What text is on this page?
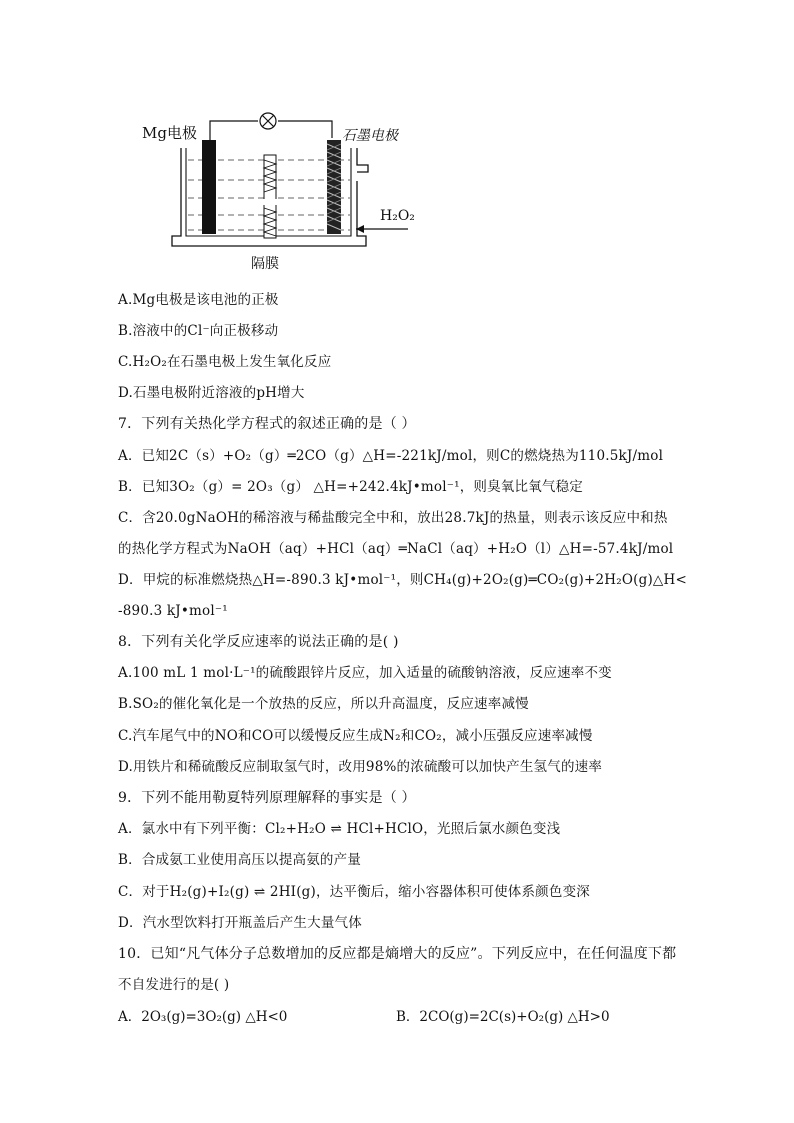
Mg电极	石墨电极
H₂O₂
隔膜
A.Mg电极是该电池的正极
B.溶液中的Cl⁻向正极移动
C.H₂O₂在石墨电极上发生氧化反应
D.石墨电极附近溶液的pH增大
7．下列有关热化学方程式的叙述正确的是（ ）
A．已知2C（s）+O₂（g）═2CO（g）△H=-221kJ/mol，则C的燃烧热为110.5kJ/mol
B．已知3O₂（g）= 2O₃（g） △H=+242.4kJ•mol⁻¹，则臭氧比氧气稳定
C．含20.0gNaOH的稀溶液与稀盐酸完全中和，放出28.7kJ的热量，则表示该反应中和热
的热化学方程式为NaOH（aq）+HCl（aq）═NaCl（aq）+H₂O（l）△H=-57.4kJ/mol
D．甲烷的标准燃烧热△H=-890.3 kJ•mol⁻¹，则CH₄(g)+2O₂(g)═CO₂(g)+2H₂O(g)△H<
-890.3 kJ•mol⁻¹
8．下列有关化学反应速率的说法正确的是( )
A.100 mL 1 mol·L⁻¹的硫酸跟锌片反应，加入适量的硫酸钠溶液，反应速率不变
B.SO₂的催化氧化是一个放热的反应，所以升高温度，反应速率减慢
C.汽车尾气中的NO和CO可以缓慢反应生成N₂和CO₂，减小压强反应速率减慢
D.用铁片和稀硫酸反应制取氢气时，改用98%的浓硫酸可以加快产生氢气的速率
9．下列不能用勒夏特列原理解释的事实是（ ）
A．氯水中有下列平衡：Cl₂+H₂O ⇌ HCl+HClO，光照后氯水颜色变浅
B．合成氨工业使用高压以提高氨的产量
C．对于H₂(g)+I₂(g) ⇌ 2HI(g)，达平衡后，缩小容器体积可使体系颜色变深
D．汽水型饮料打开瓶盖后产生大量气体
10．已知“凡气体分子总数增加的反应都是熵增大的反应”。下列反应中，在任何温度下都
不自发进行的是( )
A．2O₃(g)=3O₂(g) △H<0	B．2CO(g)=2C(s)+O₂(g) △H>0
